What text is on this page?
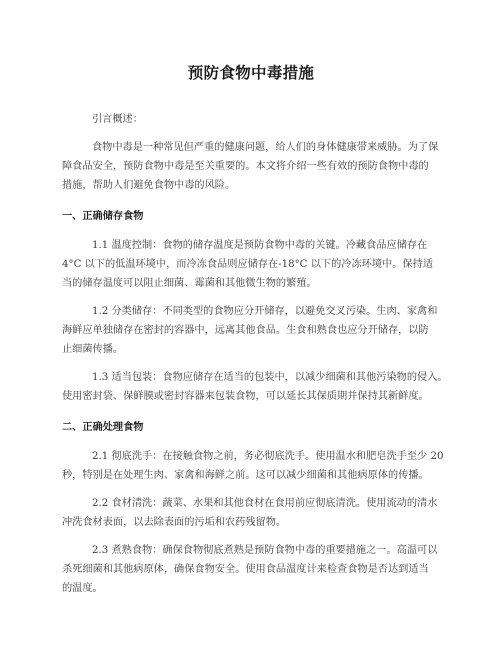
预防食物中毒措施

引言概述：

食物中毒是一种常见但严重的健康问题，给人们的身体健康带来威胁。为了保
障食品安全，预防食物中毒是至关重要的。本文将介绍一些有效的预防食物中毒的
措施，帮助人们避免食物中毒的风险。

一、正确储存食物

1.1 温度控制：食物的储存温度是预防食物中毒的关键。冷藏食品应储存在
4°C 以下的低温环境中，而冷冻食品则应储存在-18°C 以下的冷冻环境中。保持适
当的储存温度可以阻止细菌、霉菌和其他微生物的繁殖。

1.2 分类储存：不同类型的食物应分开储存，以避免交叉污染。生肉、家禽和
海鲜应单独储存在密封的容器中，远离其他食品。生食和熟食也应分开储存，以防
止细菌传播。

1.3 适当包装：食物应储存在适当的包装中，以减少细菌和其他污染物的侵入。
使用密封袋、保鲜膜或密封容器来包装食物，可以延长其保质期并保持其新鲜度。

二、正确处理食物

2.1 彻底洗手：在接触食物之前，务必彻底洗手。使用温水和肥皂洗手至少 20
秒，特别是在处理生肉、家禽和海鲜之前。这可以减少细菌和其他病原体的传播。

2.2 食材清洗：蔬菜、水果和其他食材在食用前应彻底清洗。使用流动的清水
冲洗食材表面，以去除表面的污垢和农药残留物。

2.3 煮熟食物：确保食物彻底煮熟是预防食物中毒的重要措施之一。高温可以
杀死细菌和其他病原体，确保食物安全。使用食品温度计来检查食物是否达到适当
的温度。
